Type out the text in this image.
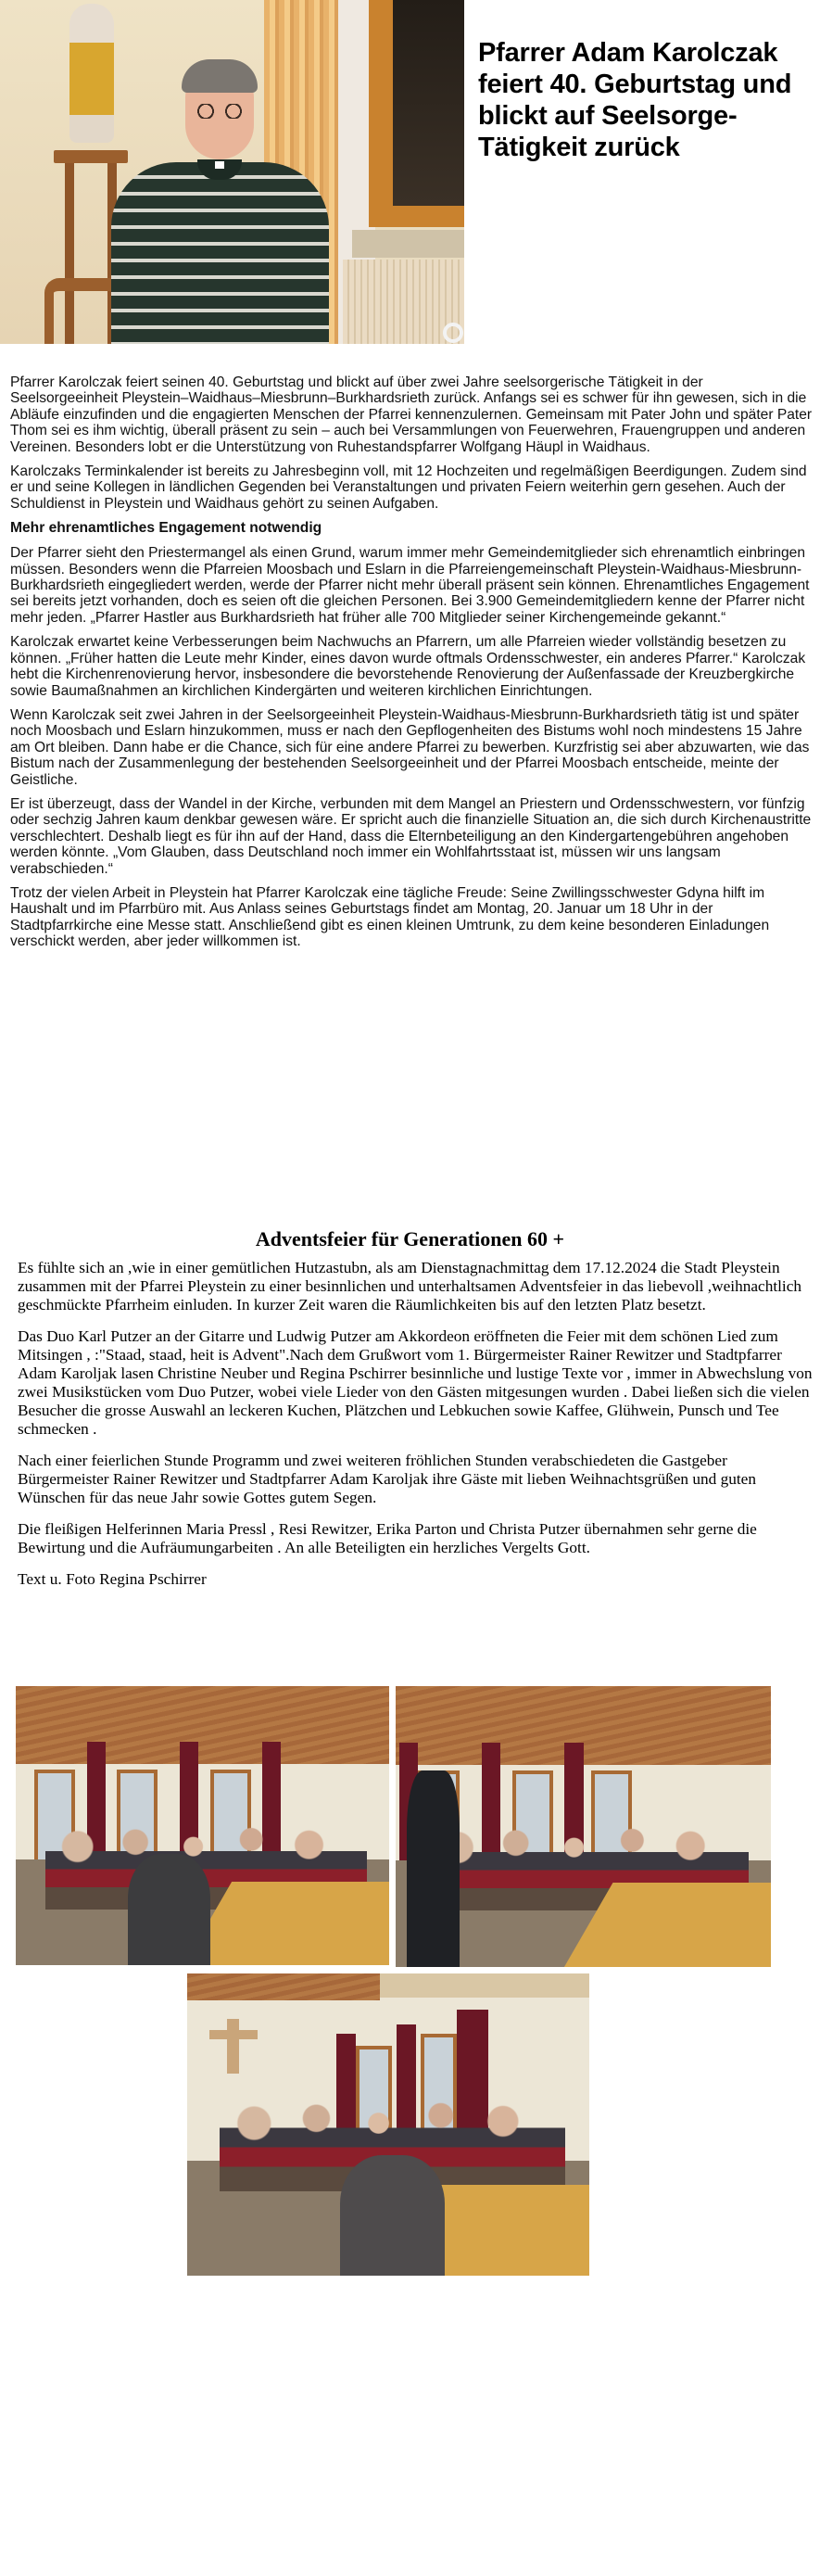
Pfarrer Adam Karolczak feiert 40. Geburtstag und blickt auf Seelsorge-Tätigkeit zurück

Pfarrer Karolczak feiert seinen 40. Geburtstag und blickt auf über zwei Jahre seelsorgerische Tätigkeit in der Seelsorgeeinheit Pleystein–Waidhaus–Miesbrunn–Burkhardsrieth zurück. Anfangs sei es schwer für ihn gewesen, sich in die Abläufe einzufinden und die engagierten Menschen der Pfarrei kennenzulernen. Gemeinsam mit Pater John und später Pater Thom sei es ihm wichtig, überall präsent zu sein – auch bei Versammlungen von Feuerwehren, Frauengruppen und anderen Vereinen. Besonders lobt er die Unterstützung von Ruhestandspfarrer Wolfgang Häupl in Waidhaus.

Karolczaks Terminkalender ist bereits zu Jahresbeginn voll, mit 12 Hochzeiten und regelmäßigen Beerdigungen. Zudem sind er und seine Kollegen in ländlichen Gegenden bei Veranstaltungen und privaten Feiern weiterhin gern gesehen. Auch der Schuldienst in Pleystein und Waidhaus gehört zu seinen Aufgaben.

Mehr ehrenamtliches Engagement notwendig

Der Pfarrer sieht den Priestermangel als einen Grund, warum immer mehr Gemeindemitglieder sich ehrenamtlich einbringen müssen. Besonders wenn die Pfarreien Moosbach und Eslarn in die Pfarreiengemeinschaft Pleystein-Waidhaus-Miesbrunn-Burkhardsrieth eingegliedert werden, werde der Pfarrer nicht mehr überall präsent sein können. Ehrenamtliches Engagement sei bereits jetzt vorhanden, doch es seien oft die gleichen Personen. Bei 3.900 Gemeindemitgliedern kenne der Pfarrer nicht mehr jeden. „Pfarrer Hastler aus Burkhardsrieth hat früher alle 700 Mitglieder seiner Kirchengemeinde gekannt.“

Karolczak erwartet keine Verbesserungen beim Nachwuchs an Pfarrern, um alle Pfarreien wieder vollständig besetzen zu können. „Früher hatten die Leute mehr Kinder, eines davon wurde oftmals Ordensschwester, ein anderes Pfarrer.“ Karolczak hebt die Kirchenrenovierung hervor, insbesondere die bevorstehende Renovierung der Außenfassade der Kreuzbergkirche sowie Baumaßnahmen an kirchlichen Kindergärten und weiteren kirchlichen Einrichtungen.

Wenn Karolczak seit zwei Jahren in der Seelsorgeeinheit Pleystein-Waidhaus-Miesbrunn-Burkhardsrieth tätig ist und später noch Moosbach und Eslarn hinzukommen, muss er nach den Gepflogenheiten des Bistums wohl noch mindestens 15 Jahre am Ort bleiben. Dann habe er die Chance, sich für eine andere Pfarrei zu bewerben. Kurzfristig sei aber abzuwarten, wie das Bistum nach der Zusammenlegung der bestehenden Seelsorgeeinheit und der Pfarrei Moosbach entscheide, meinte der Geistliche.

Er ist überzeugt, dass der Wandel in der Kirche, verbunden mit dem Mangel an Priestern und Ordensschwestern, vor fünfzig oder sechzig Jahren kaum denkbar gewesen wäre. Er spricht auch die finanzielle Situation an, die sich durch Kirchenaustritte verschlechtert. Deshalb liegt es für ihn auf der Hand, dass die Elternbeteiligung an den Kindergartengebühren angehoben werden könnte. „Vom Glauben, dass Deutschland noch immer ein Wohlfahrtsstaat ist, müssen wir uns langsam verabschieden.“

Trotz der vielen Arbeit in Pleystein hat Pfarrer Karolczak eine tägliche Freude: Seine Zwillingsschwester Gdyna hilft im Haushalt und im Pfarrbüro mit. Aus Anlass seines Geburtstags findet am Montag, 20. Januar um 18 Uhr in der Stadtpfarrkirche eine Messe statt. Anschließend gibt es einen kleinen Umtrunk, zu dem keine besonderen Einladungen verschickt werden, aber jeder willkommen ist.

Adventsfeier für Generationen 60 +

Es fühlte sich an ,wie in einer gemütlichen Hutzastubn, als am Dienstagnachmittag dem 17.12.2024 die Stadt Pleystein zusammen mit der Pfarrei Pleystein zu einer besinnlichen und unterhaltsamen Adventsfeier in das liebevoll ,weihnachtlich geschmückte Pfarrheim einluden. In kurzer Zeit waren die Räumlichkeiten bis auf den letzten Platz besetzt.

Das Duo Karl Putzer an der Gitarre und Ludwig Putzer am Akkordeon eröffneten die Feier mit dem schönen Lied zum Mitsingen , :"Staad, staad, heit is Advent".Nach dem Grußwort vom 1. Bürgermeister Rainer Rewitzer und Stadtpfarrer Adam Karoljak lasen Christine Neuber und Regina Pschirrer besinnliche und lustige Texte vor , immer in Abwechslung von zwei Musikstücken vom Duo Putzer, wobei viele Lieder von den Gästen mitgesungen wurden . Dabei ließen sich die vielen Besucher die grosse Auswahl an leckeren Kuchen, Plätzchen und Lebkuchen sowie Kaffee, Glühwein, Punsch und Tee schmecken .

Nach einer feierlichen Stunde Programm und zwei weiteren fröhlichen Stunden verabschiedeten die Gastgeber Bürgermeister Rainer Rewitzer und Stadtpfarrer Adam Karoljak ihre Gäste mit lieben Weihnachtsgrüßen und guten Wünschen für das neue Jahr sowie Gottes gutem Segen.

Die fleißigen Helferinnen Maria Pressl , Resi Rewitzer, Erika Parton und Christa Putzer übernahmen sehr gerne die Bewirtung und die Aufräumungarbeiten . An alle Beteiligten ein herzliches Vergelts Gott.

Text u. Foto Regina Pschirrer
